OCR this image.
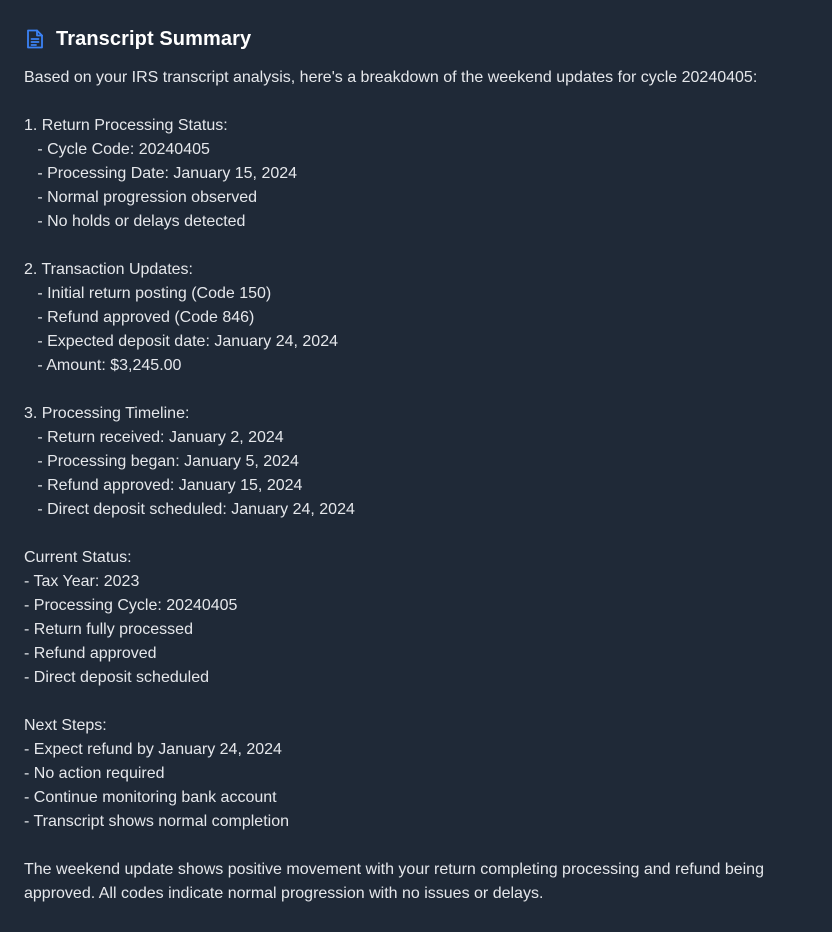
Transcript Summary
Based on your IRS transcript analysis, here's a breakdown of the weekend updates for cycle 20240405:
1. Return Processing Status:
- Cycle Code: 20240405
- Processing Date: January 15, 2024
- Normal progression observed
- No holds or delays detected
2. Transaction Updates:
- Initial return posting (Code 150)
- Refund approved (Code 846)
- Expected deposit date: January 24, 2024
- Amount: $3,245.00
3. Processing Timeline:
- Return received: January 2, 2024
- Processing began: January 5, 2024
- Refund approved: January 15, 2024
- Direct deposit scheduled: January 24, 2024
Current Status:
- Tax Year: 2023
- Processing Cycle: 20240405
- Return fully processed
- Refund approved
- Direct deposit scheduled
Next Steps:
- Expect refund by January 24, 2024
- No action required
- Continue monitoring bank account
- Transcript shows normal completion
The weekend update shows positive movement with your return completing processing and refund being approved. All codes indicate normal progression with no issues or delays.
